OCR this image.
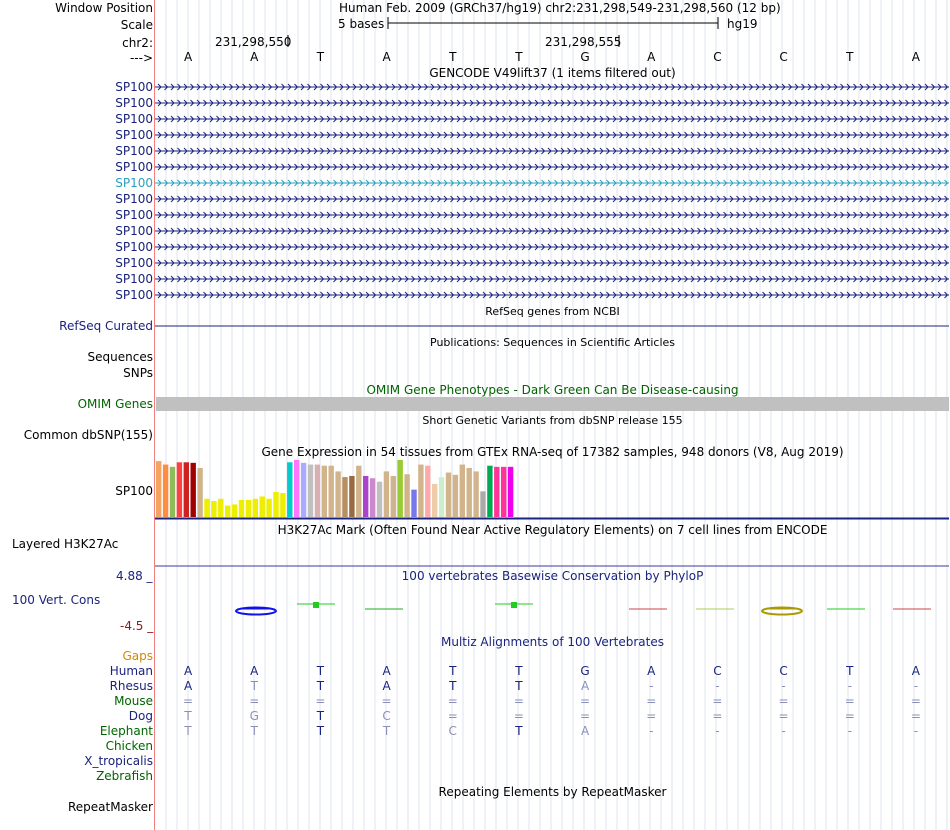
Window Position	Human Feb. 2009 (GRCh37/hg19) chr2:231,298,549-231,298,560 (12 bp)
Scale	5 bases	hg19
chr2:	231,298,550	231,298,555
--->	A	A	T	A	T	T	G	A	C	C	T	A
GENCODE V49lift37 (1 items filtered out)
SP100
SP100
SP100
SP100
SP100
SP100
SP100
SP100
SP100
SP100
SP100
SP100
SP100
SP100
RefSeq genes from NCBI
RefSeq Curated
Publications: Sequences in Scientific Articles
Sequences
SNPs
OMIM Gene Phenotypes - Dark Green Can Be Disease-causing
OMIM Genes
Short Genetic Variants from dbSNP release 155
Common dbSNP(155)
Gene Expression in 54 tissues from GTEx RNA-seq of 17382 samples, 948 donors (V8, Aug 2019)
SP100
H3K27Ac Mark (Often Found Near Active Regulatory Elements) on 7 cell lines from ENCODE
Layered H3K27Ac
4.88 _	100 vertebrates Basewise Conservation by PhyloP
100 Vert. Cons
-4.5 _
Multiz Alignments of 100 Vertebrates
Gaps
Human	A	A	T	A	T	T	G	A	C	C	T	A
Rhesus	A	T	T	A	T	T	A	-	-	-	-	-
Mouse	=	=	=	=	=	=	=	=	=	=	=	=
Dog	T	G	T	C	=	=	=	=	=	=	=	=
Elephant	T	T	T	T	C	T	A	-	-	-	-	-
Chicken
X_tropicalis
Zebrafish
Repeating Elements by RepeatMasker
RepeatMasker
